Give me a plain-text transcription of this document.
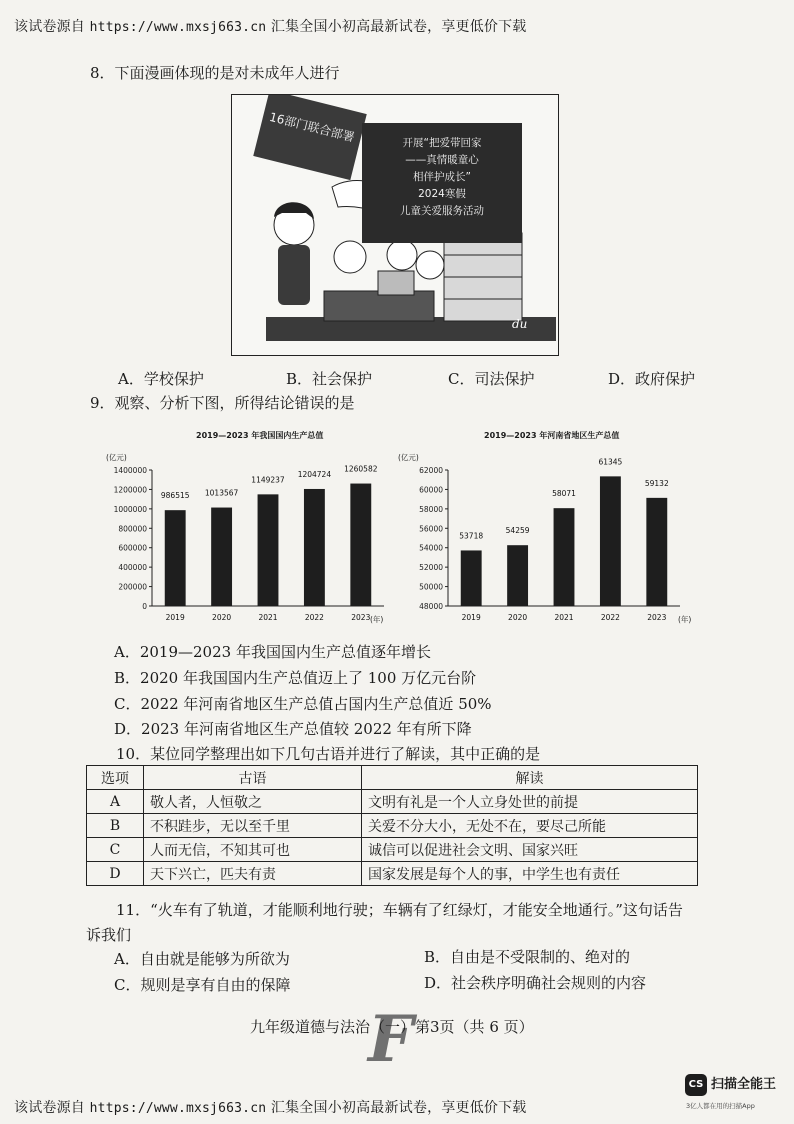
该试卷源自 https://www.mxsj663.cn 汇集全国小初高最新试卷，享更低价下载
8．下面漫画体现的是对未成年人进行
16部门联合部署	开展“把爱带回家
——真情暖童心
相伴护成长”
2024寒假
儿童关爱服务活动
du
A．学校保护	B．社会保护	C．司法保护	D．政府保护
9．观察、分析下图，所得结论错误的是
2019—2023 年我国国内生产总值
(亿元)
(年)
1400000
1200000
1000000
800000
600000
400000
200000
0
986515
2019
1013567
2020
1149237
2021
1204724
2022
1260582
2023
2019—2023 年河南省地区生产总值
(亿元)
(年)
62000
60000
58000
56000
54000
52000
50000
48000
53718
2019
54259
2020
58071
2021
61345
2022
59132
2023
A．2019—2023 年我国国内生产总值逐年增长
B．2020 年我国国内生产总值迈上了 100 万亿元台阶
C．2022 年河南省地区生产总值占国内生产总值近 50%
D．2023 年河南省地区生产总值较 2022 年有所下降
10．某位同学整理出如下几句古语并进行了解读，其中正确的是
选项	古语	解读
A	敬人者，人恒敬之	文明有礼是一个人立身处世的前提
B	不积跬步，无以至千里	关爱不分大小，无处不在，要尽己所能
C	人而无信，不知其可也	诚信可以促进社会文明、国家兴旺
D	天下兴亡，匹夫有责	国家发展是每个人的事，中学生也有责任
11．“火车有了轨道，才能顺利地行驶；车辆有了红绿灯，才能安全地通行。”这句话告
诉我们
A．自由就是能够为所欲为	B．自由是不受限制的、绝对的
C．规则是享有自由的保障	D．社会秩序明确社会规则的内容
F
九年级道德与法治（一）第3页（共 6 页）
该试卷源自 https://www.mxsj663.cn 汇集全国小初高最新试卷，享更低价下载
CS 扫描全能王
3亿人都在用的扫描App
